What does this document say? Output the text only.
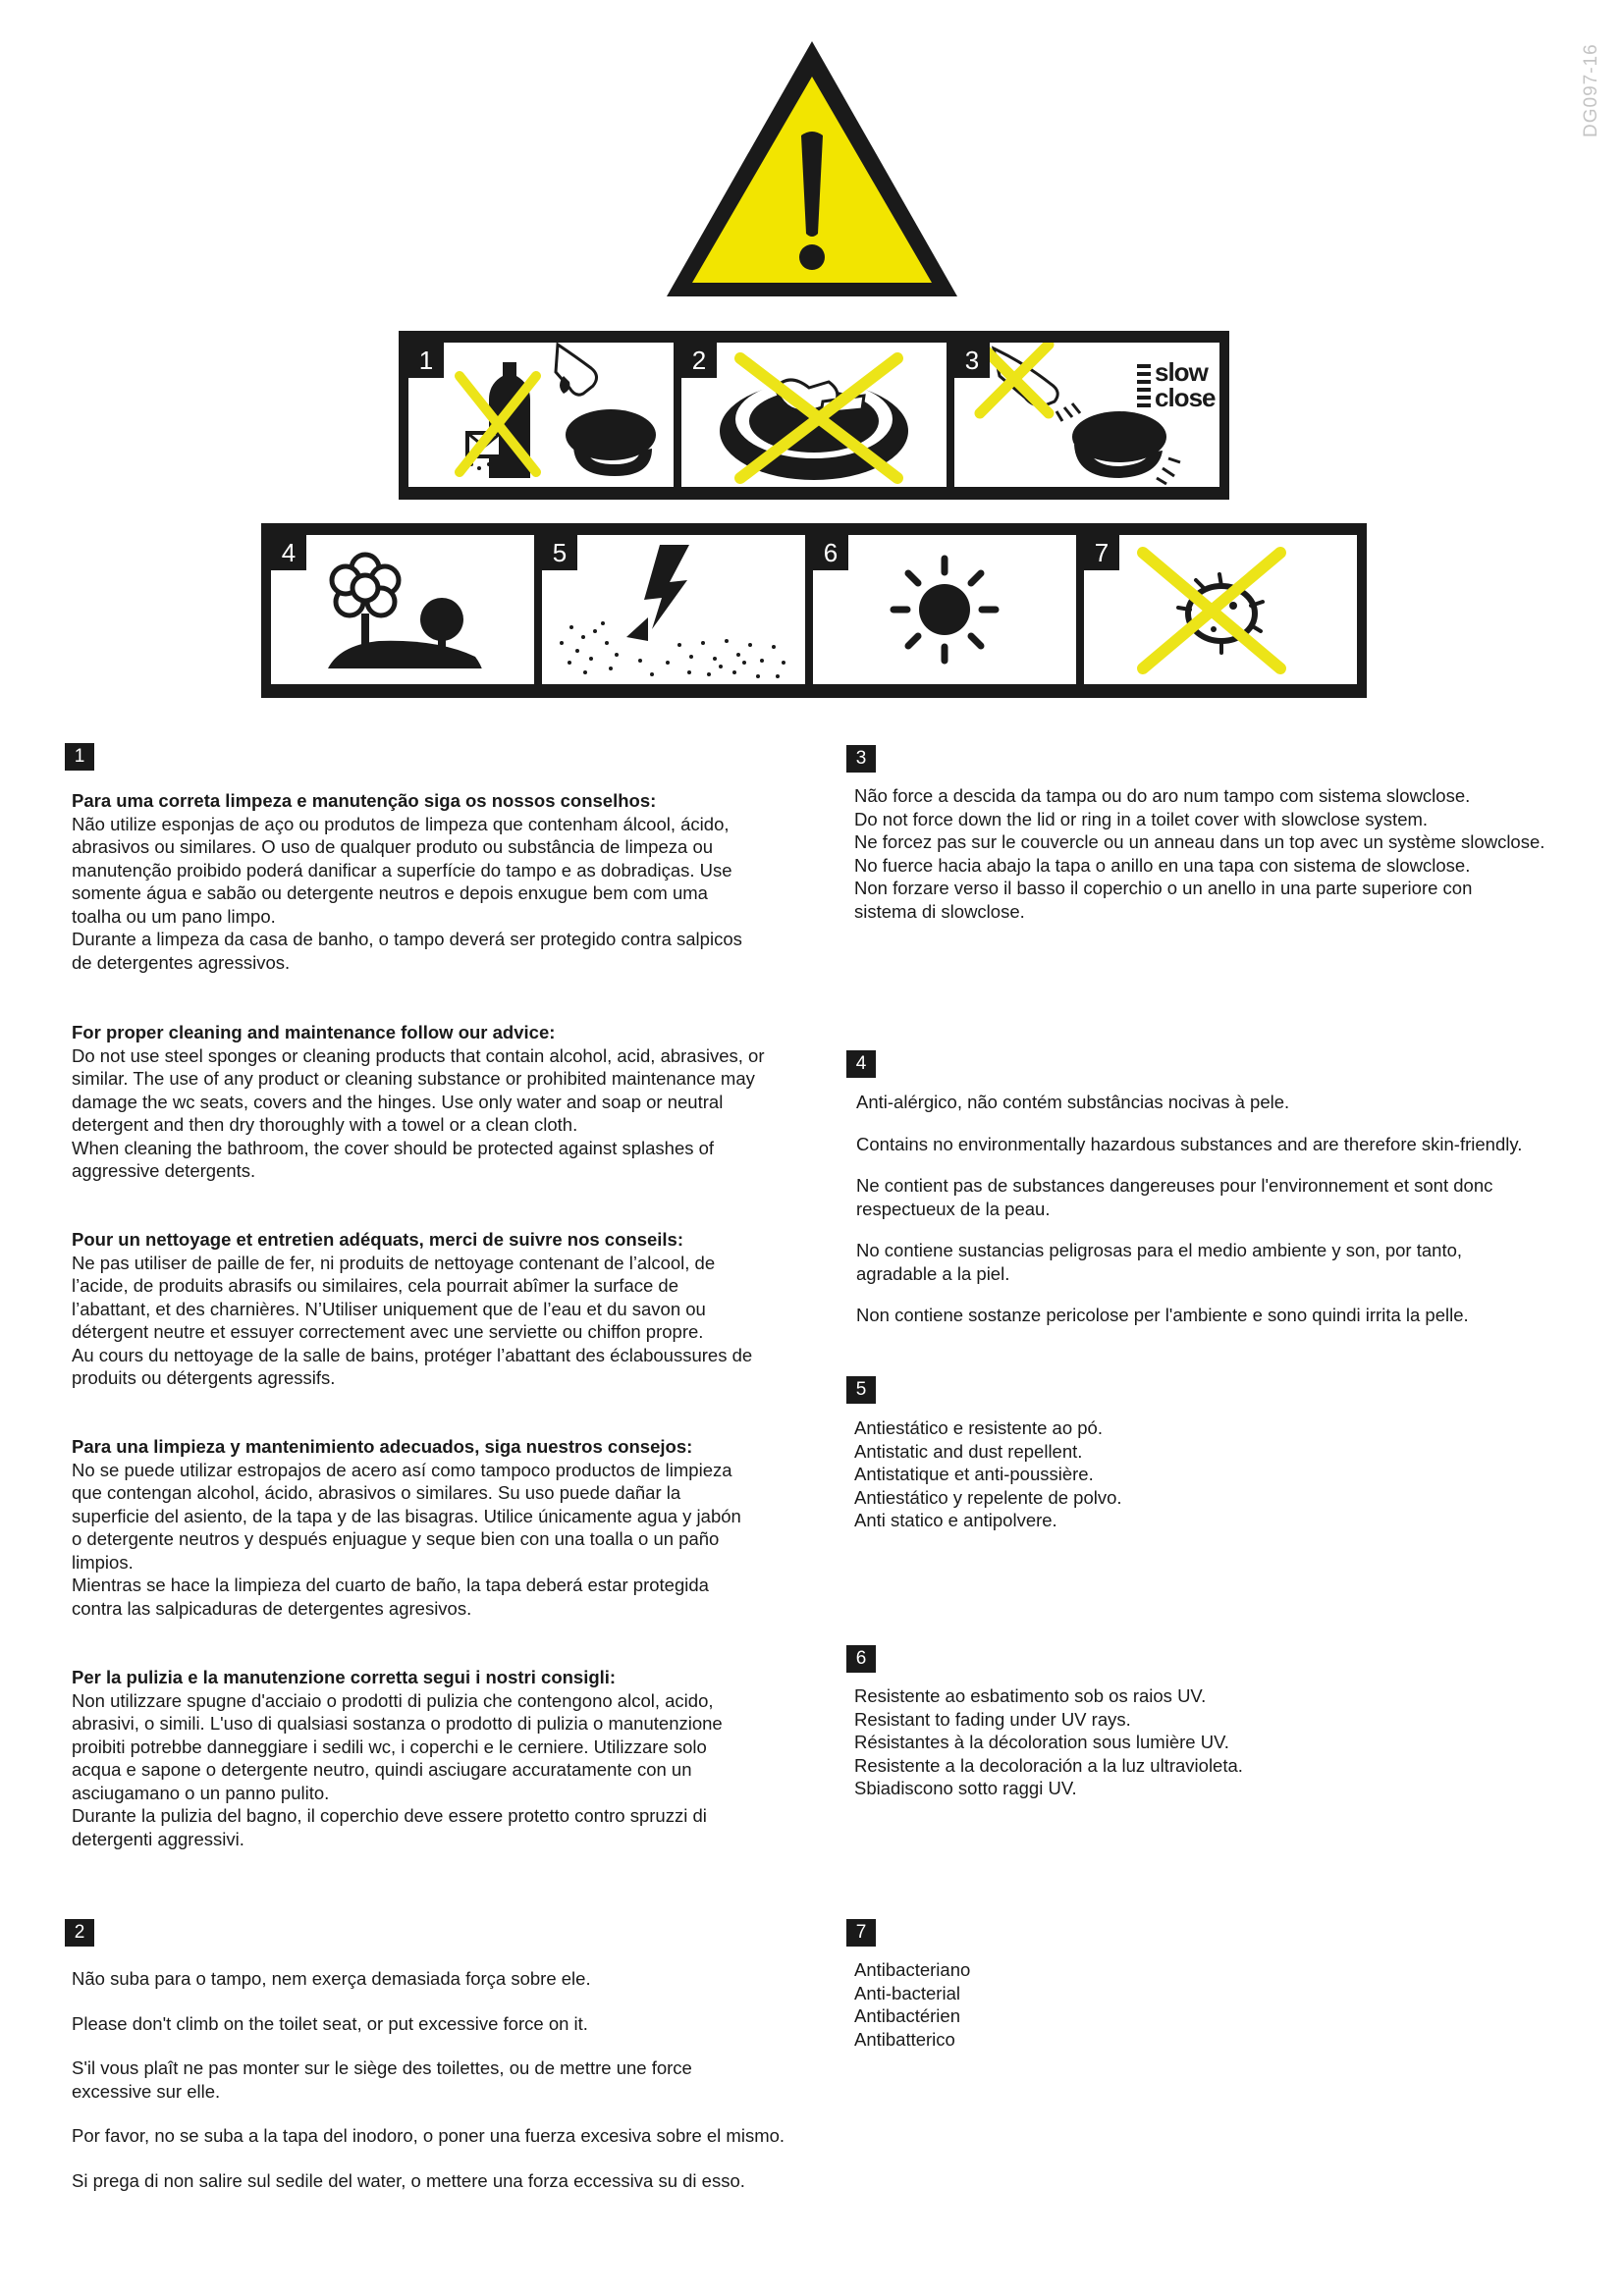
DG097-16
1	2	slow
close
3
4	5	6	7
1

Para uma correta limpeza e manutenção siga os nossos conselhos:

Não utilize esponjas de aço ou produtos de limpeza que contenham álcool, ácido,
abrasivos ou similares. O uso de qualquer produto ou substância de limpeza ou
manutenção proibido poderá danificar a superfície do tampo e as dobradiças. Use
somente água e sabão ou detergente neutros e depois enxugue bem com uma
toalha ou um pano limpo.
Durante a limpeza da casa de banho, o tampo deverá ser protegido contra salpicos
de detergentes agressivos.

For proper cleaning and maintenance follow our advice:

Do not use steel sponges or cleaning products that contain alcohol, acid, abrasives, or
similar. The use of any product or cleaning substance or prohibited maintenance may
damage the wc seats, covers and the hinges. Use only water and soap or neutral
detergent and then dry thoroughly with a towel or a clean cloth.
When cleaning the bathroom, the cover should be protected against splashes of
aggressive detergents.

Pour un nettoyage et entretien adéquats, merci de suivre nos conseils:

Ne pas utiliser de paille de fer, ni produits de nettoyage contenant de l’alcool, de
l’acide, de produits abrasifs ou similaires, cela pourrait abîmer la surface de
l’abattant, et des charnières. N’Utiliser uniquement que de l’eau et du savon ou
détergent neutre et essuyer correctement avec une serviette ou chiffon propre.
Au cours du nettoyage de la salle de bains, protéger l’abattant des éclaboussures de
produits ou détergents agressifs.

Para una limpieza y mantenimiento adecuados, siga nuestros consejos:

No se puede utilizar estropajos de acero así como tampoco productos de limpieza
que contengan alcohol, ácido, abrasivos o similares. Su uso puede dañar la
superficie del asiento, de la tapa y de las bisagras. Utilice únicamente agua y jabón
o detergente neutros y después enjuague y seque bien con una toalla o un paño
limpios.
Mientras se hace la limpieza del cuarto de baño, la tapa deberá estar protegida
contra las salpicaduras de detergentes agresivos.

Per la pulizia e la manutenzione corretta segui i nostri consigli:

Non utilizzare spugne d'acciaio o prodotti di pulizia che contengono alcol, acido,
abrasivi, o simili. L'uso di qualsiasi sostanza o prodotto di pulizia o manutenzione
proibiti potrebbe danneggiare i sedili wc, i coperchi e le cerniere. Utilizzare solo
acqua e sapone o detergente neutro, quindi asciugare accuratamente con un
asciugamano o un panno pulito.
Durante la pulizia del bagno, il coperchio deve essere protetto contro spruzzi di
detergenti aggressivi.

2

Não suba para o tampo, nem exerça demasiada força sobre ele.

Please don't climb on the toilet seat, or put excessive force on it.

S'il vous plaît ne pas monter sur le siège des toilettes, ou de mettre une force
excessive sur elle.

Por favor, no se suba a la tapa del inodoro, o poner una fuerza excesiva sobre el mismo.

Si prega di non salire sul sedile del water, o mettere una forza eccessiva su di esso.

3

Não force a descida da tampa ou do aro num tampo com sistema slowclose.

Do not force down the lid or ring in a toilet cover with slowclose system.

Ne forcez pas sur le couvercle ou un anneau dans un top avec un système slowclose.

No fuerce hacia abajo la tapa o anillo en una tapa con sistema de slowclose.

Non forzare verso il basso il coperchio o un anello in una parte superiore con
sistema di slowclose.

4

Anti-alérgico, não contém substâncias nocivas à pele.

Contains no environmentally hazardous substances and are therefore skin-friendly.

Ne contient pas de substances dangereuses pour l'environnement et sont donc
respectueux de la peau.

No contiene sustancias peligrosas para el medio ambiente y son, por tanto,
agradable a la piel.

Non contiene sostanze pericolose per l'ambiente e sono quindi irrita la pelle.

5

Antiestático e resistente ao pó.

Antistatic and dust repellent.

Antistatique et anti-poussière.

Antiestático y repelente de polvo.

Anti statico e antipolvere.

6

Resistente ao esbatimento sob os raios UV.

Resistant to fading under UV rays.

Résistantes à la décoloration sous lumière UV.

Resistente a la decoloración a la luz ultravioleta.

Sbiadiscono sotto raggi UV.

7

Antibacteriano

Anti-bacterial

Antibactérien

Antibatterico
